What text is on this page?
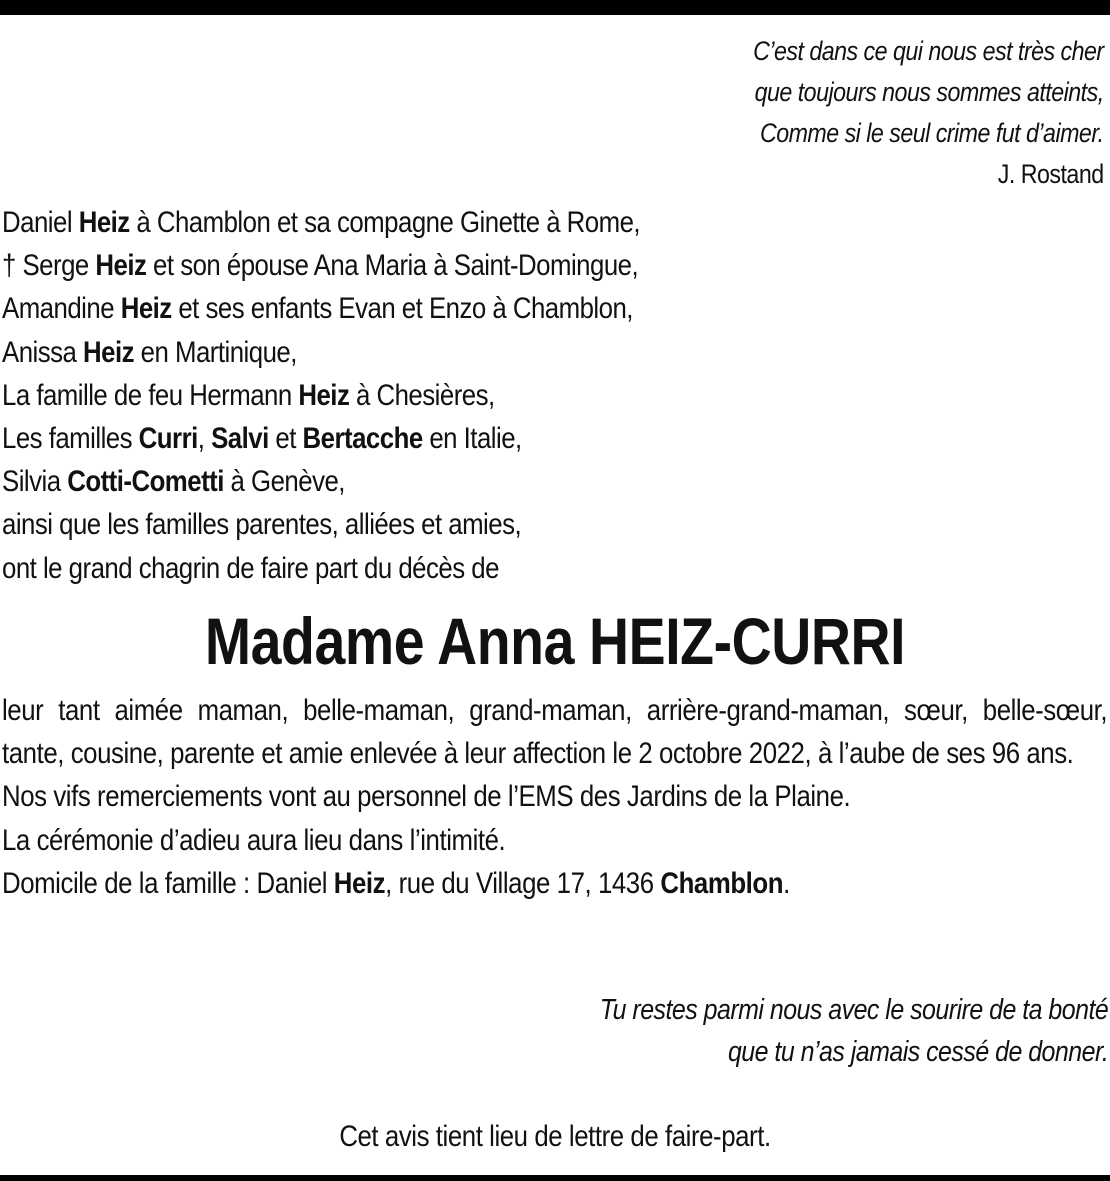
C’est dans ce qui nous est très cher
que toujours nous sommes atteints,
Comme si le seul crime fut d’aimer.
J. Rostand
Daniel Heiz à Chamblon et sa compagne Ginette à Rome,
† Serge Heiz et son épouse Ana Maria à Saint-Domingue,
Amandine Heiz et ses enfants Evan et Enzo à Chamblon,
Anissa Heiz en Martinique,
La famille de feu Hermann Heiz à Chesières,
Les familles Curri, Salvi et Bertacche en Italie,
Silvia Cotti-Cometti à Genève,
ainsi que les familles parentes, alliées et amies,
ont le grand chagrin de faire part du décès de
Madame Anna HEIZ-CURRI
leur tant aimée maman, belle-maman, grand-maman, arrière-grand-maman, sœur, belle-sœur, tante, cousine, parente et amie enlevée à leur affection le 2 octobre 2022, à l’aube de ses 96 ans.
Nos vifs remerciements vont au personnel de l’EMS des Jardins de la Plaine.
La cérémonie d’adieu aura lieu dans l’intimité.
Domicile de la famille : Daniel Heiz, rue du Village 17, 1436 Chamblon.
Tu restes parmi nous avec le sourire de ta bonté
que tu n’as jamais cessé de donner.
Cet avis tient lieu de lettre de faire-part.
